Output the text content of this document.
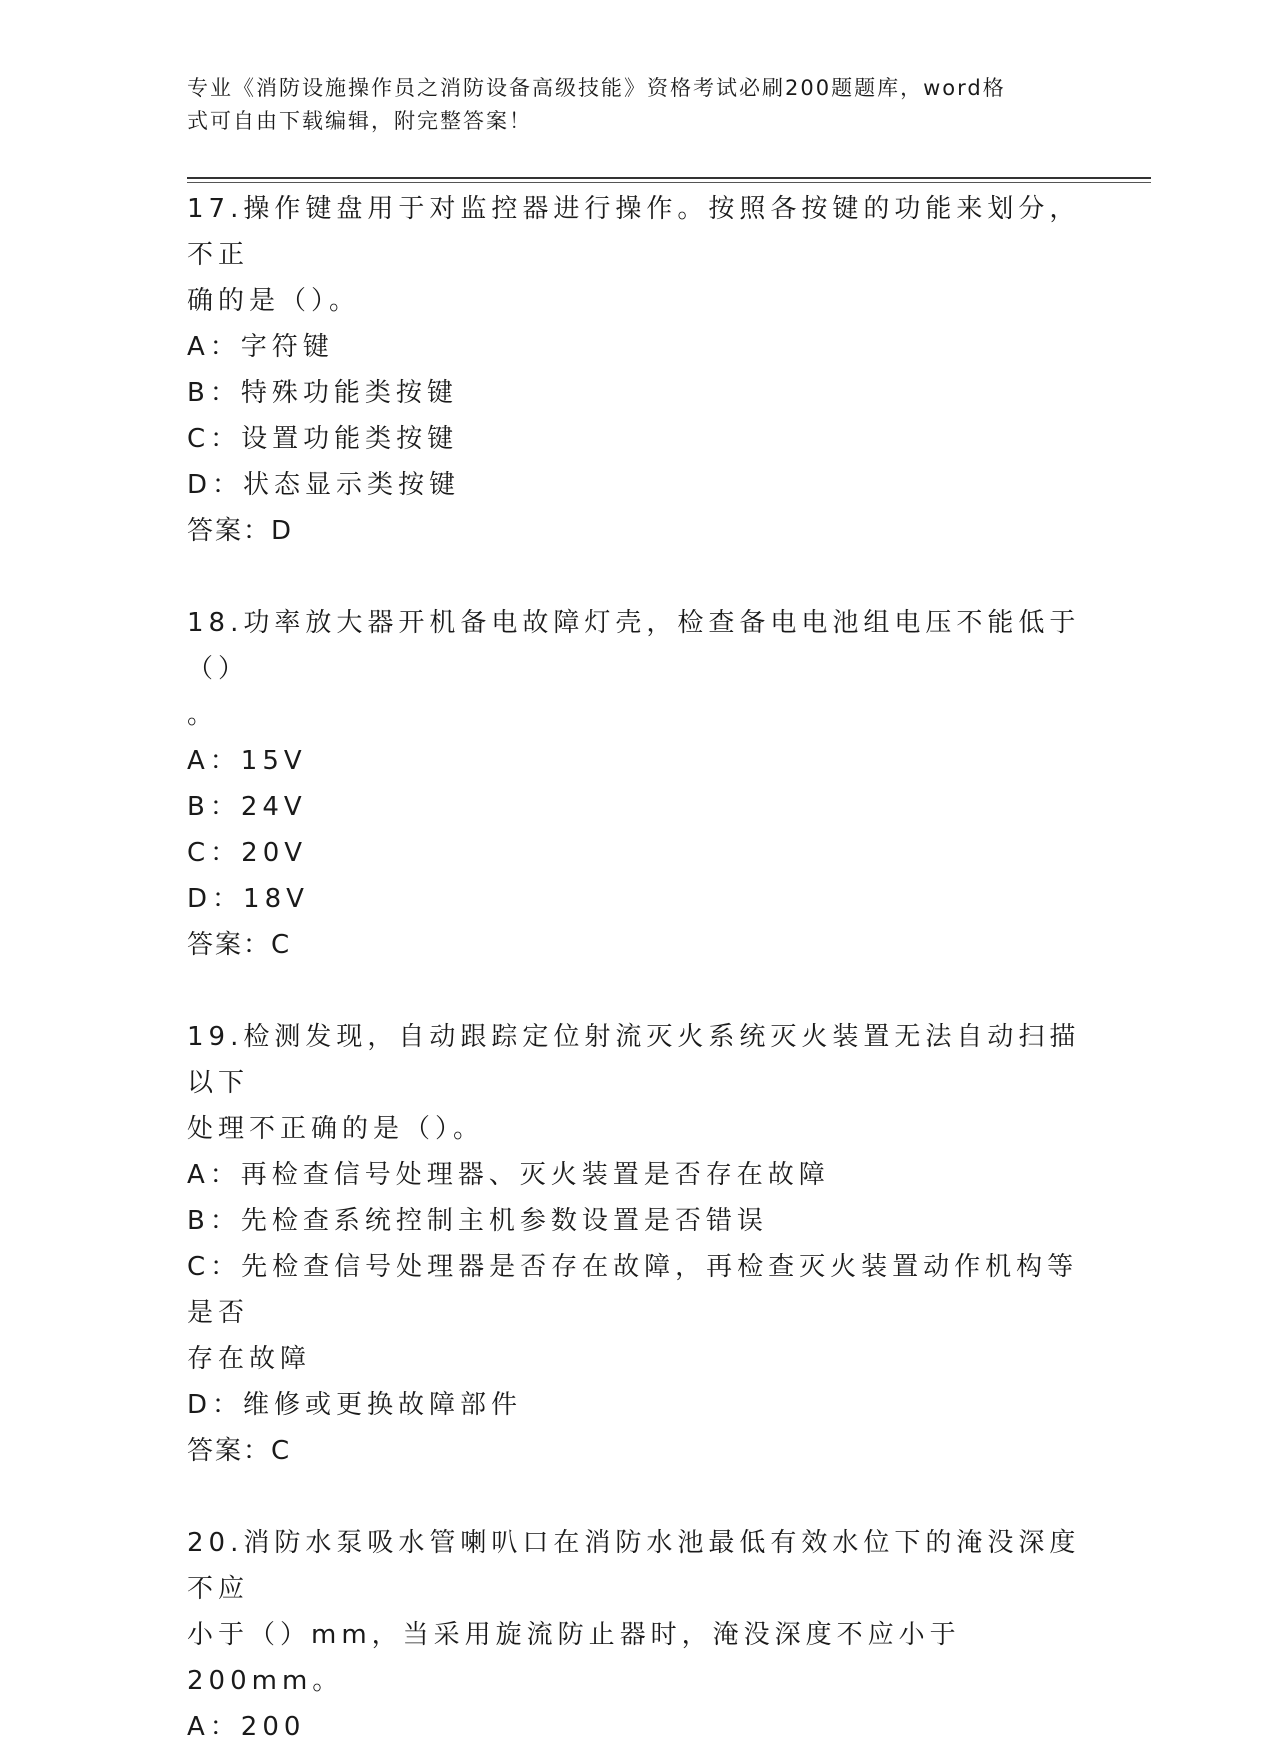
专业《消防设施操作员之消防设备高级技能》资格考试必刷200题题库，word格
式可自由下载编辑，附完整答案！
17.操作键盘用于对监控器进行操作。按照各按键的功能来划分，不正
确的是（）。
A：字符键
B：特殊功能类按键
C：设置功能类按键
D：状态显示类按键
答案：D
18.功率放大器开机备电故障灯壳，检查备电电池组电压不能低于（）
。
A：15V
B：24V
C：20V
D：18V
答案：C
19.检测发现，自动跟踪定位射流灭火系统灭火装置无法自动扫描以下
处理不正确的是（）。
A：再检查信号处理器、灭火装置是否存在故障
B：先检查系统控制主机参数设置是否错误
C：先检查信号处理器是否存在故障，再检查灭火装置动作机构等是否
存在故障
D：维修或更换故障部件
答案：C
20.消防水泵吸水管喇叭口在消防水池最低有效水位下的淹没深度不应
小于（）mm，当采用旋流防止器时，淹没深度不应小于200mm。
A：200
